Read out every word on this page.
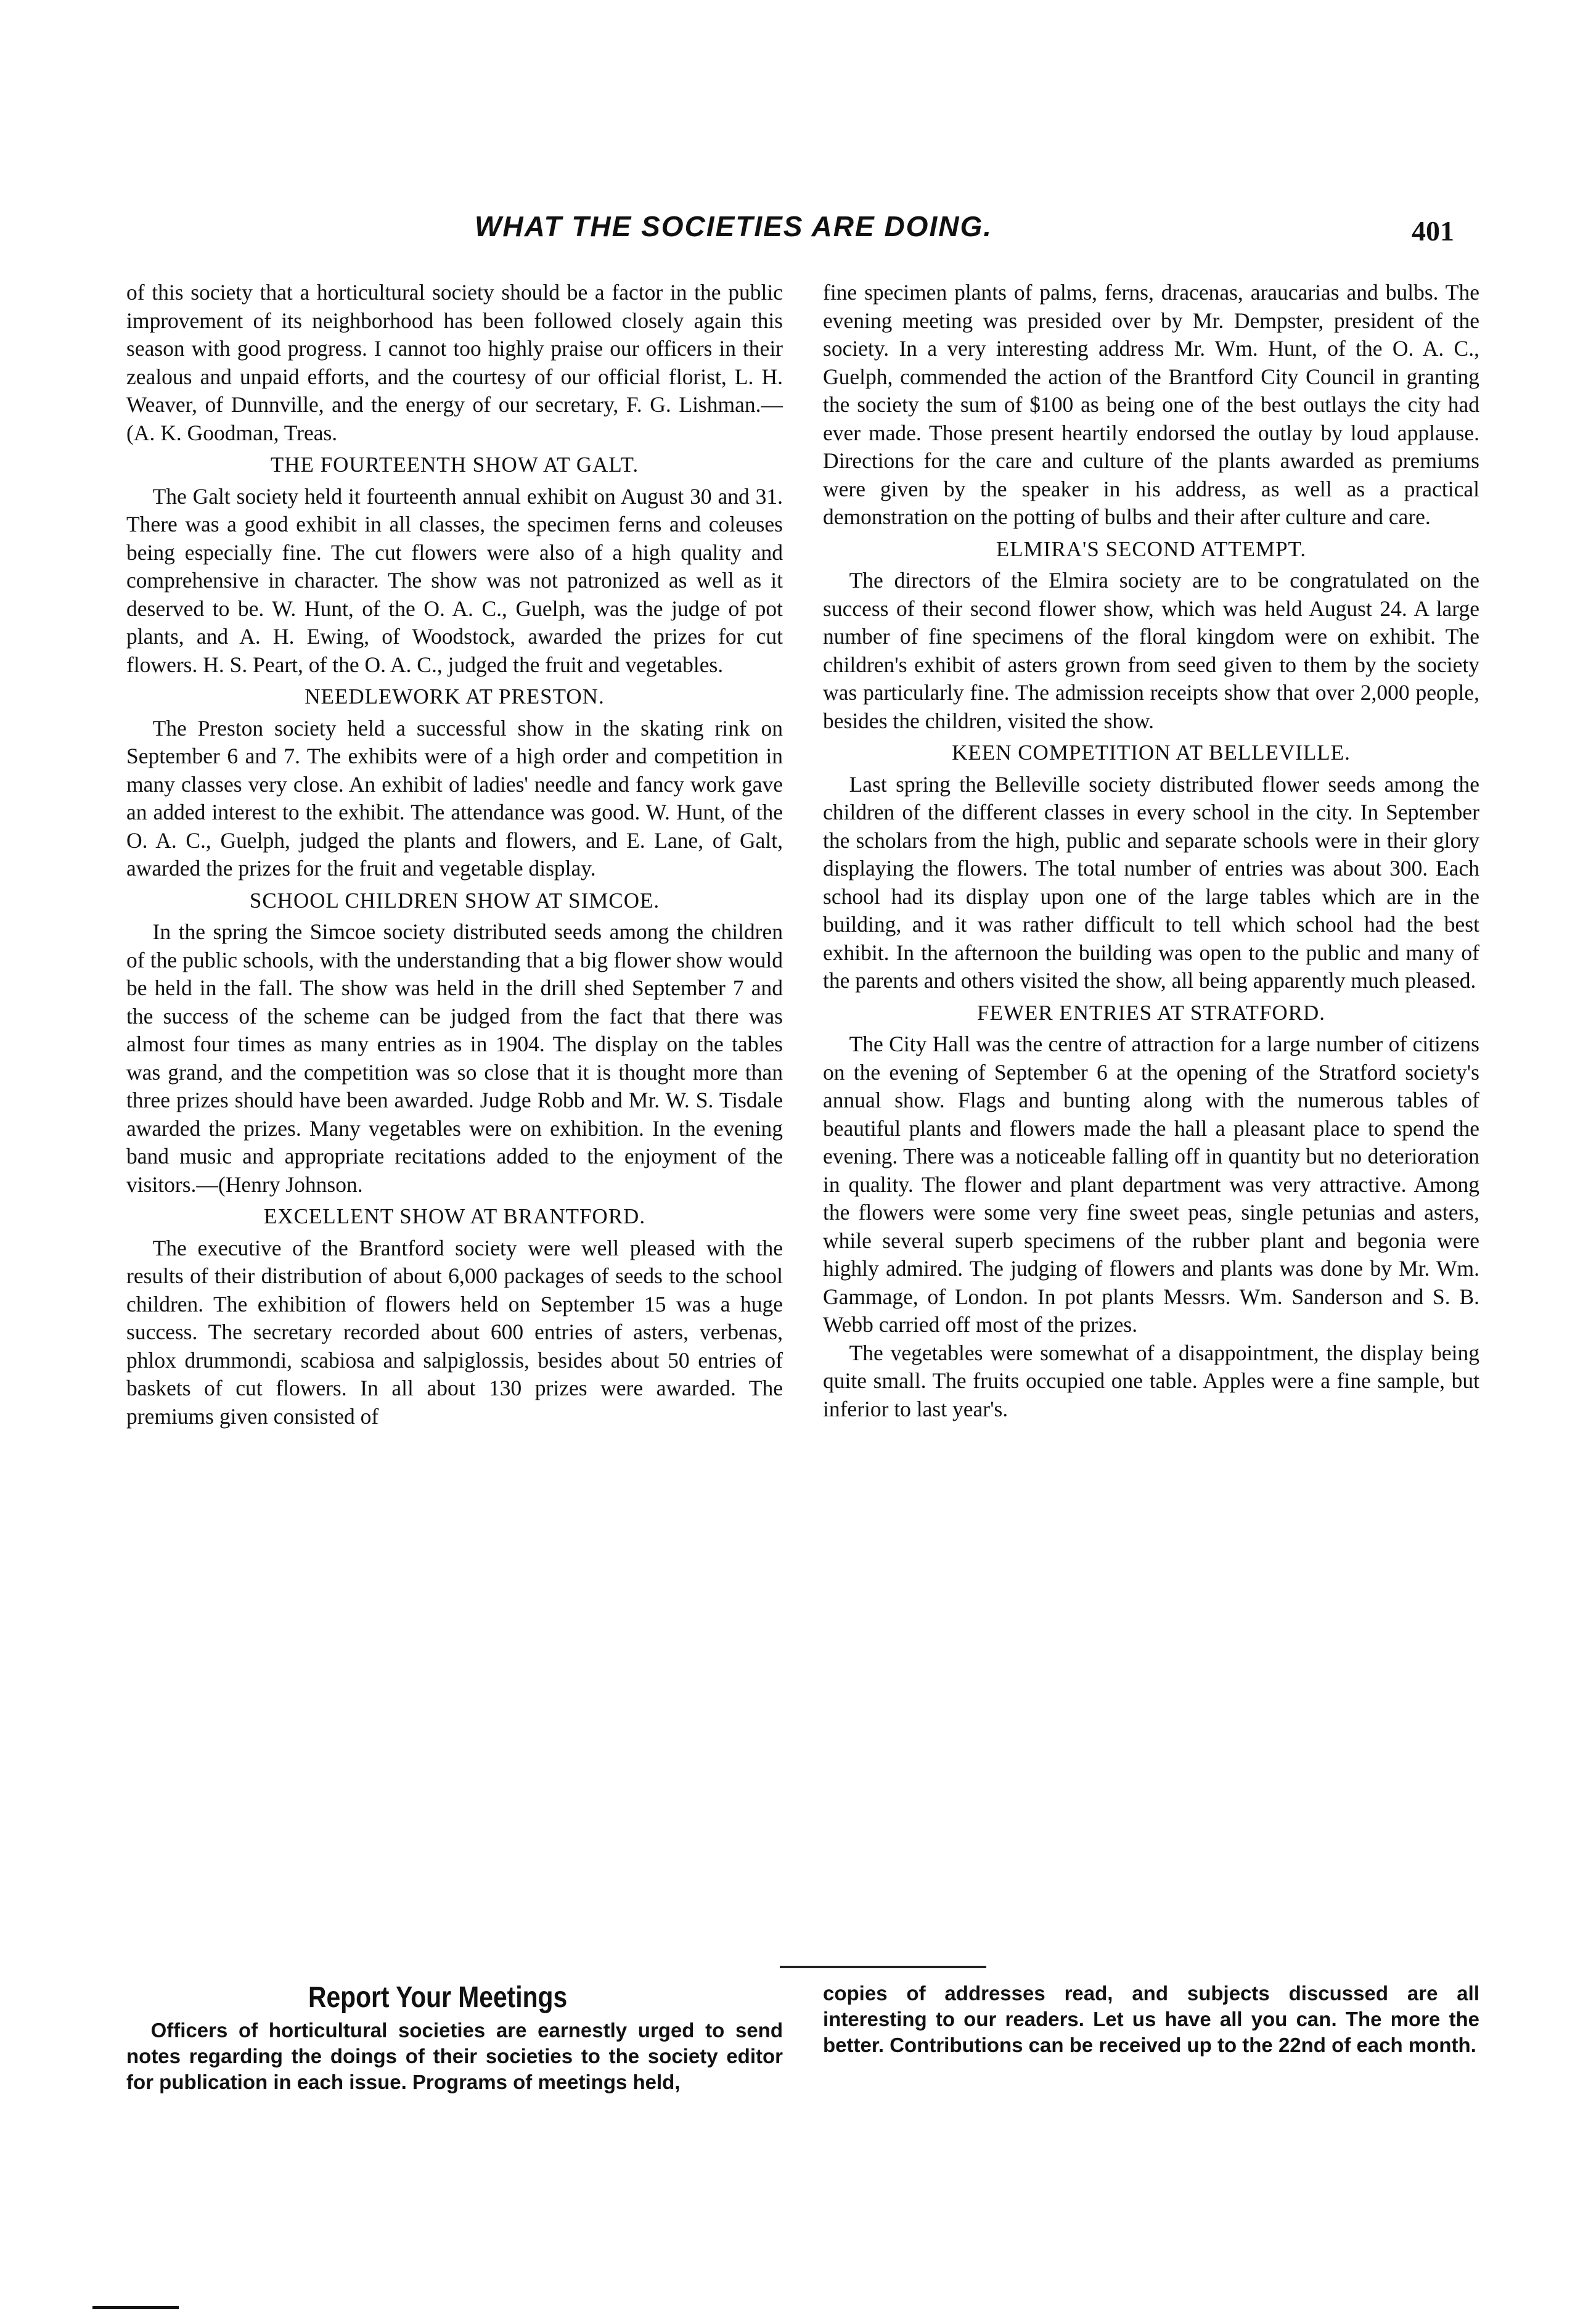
WHAT THE SOCIETIES ARE DOING.	401

of this society that a horticultural society should be a factor in the public improvement of its neighborhood has been followed closely again this season with good progress. I cannot too highly praise our officers in their zealous and unpaid efforts, and the courtesy of our official florist, L. H. Weaver, of Dunnville, and the energy of our secretary, F. G. Lishman.—(A. K. Goodman, Treas.

THE FOURTEENTH SHOW AT GALT.

The Galt society held it fourteenth annual exhibit on August 30 and 31. There was a good exhibit in all classes, the specimen ferns and coleuses being especially fine. The cut flowers were also of a high quality and comprehensive in character. The show was not patronized as well as it deserved to be. W. Hunt, of the O. A. C., Guelph, was the judge of pot plants, and A. H. Ewing, of Woodstock, awarded the prizes for cut flowers. H. S. Peart, of the O. A. C., judged the fruit and vegetables.

NEEDLEWORK AT PRESTON.

The Preston society held a successful show in the skating rink on September 6 and 7. The exhibits were of a high order and competition in many classes very close. An exhibit of ladies' needle and fancy work gave an added interest to the exhibit. The attendance was good. W. Hunt, of the O. A. C., Guelph, judged the plants and flowers, and E. Lane, of Galt, awarded the prizes for the fruit and vegetable display.

SCHOOL CHILDREN SHOW AT SIMCOE.

In the spring the Simcoe society distributed seeds among the children of the public schools, with the understanding that a big flower show would be held in the fall. The show was held in the drill shed September 7 and the success of the scheme can be judged from the fact that there was almost four times as many entries as in 1904. The display on the tables was grand, and the competition was so close that it is thought more than three prizes should have been awarded. Judge Robb and Mr. W. S. Tisdale awarded the prizes. Many vegetables were on exhibition. In the evening band music and appropriate recitations added to the enjoyment of the visitors.—(Henry Johnson.

EXCELLENT SHOW AT BRANTFORD.

The executive of the Brantford society were well pleased with the results of their distribution of about 6,000 packages of seeds to the school children. The exhibition of flowers held on September 15 was a huge success. The secretary recorded about 600 entries of asters, verbenas, phlox drummondi, scabiosa and salpiglossis, besides about 50 entries of baskets of cut flowers. In all about 130 prizes were awarded. The premiums given consisted of

fine specimen plants of palms, ferns, dracenas, araucarias and bulbs. The evening meeting was presided over by Mr. Dempster, president of the society. In a very interesting address Mr. Wm. Hunt, of the O. A. C., Guelph, commended the action of the Brantford City Council in granting the society the sum of $100 as being one of the best outlays the city had ever made. Those present heartily endorsed the outlay by loud applause. Directions for the care and culture of the plants awarded as premiums were given by the speaker in his address, as well as a practical demonstration on the potting of bulbs and their after culture and care.

ELMIRA'S SECOND ATTEMPT.

The directors of the Elmira society are to be congratulated on the success of their second flower show, which was held August 24. A large number of fine specimens of the floral kingdom were on exhibit. The children's exhibit of asters grown from seed given to them by the society was particularly fine. The admission receipts show that over 2,000 people, besides the children, visited the show.

KEEN COMPETITION AT BELLEVILLE.

Last spring the Belleville society distributed flower seeds among the children of the different classes in every school in the city. In September the scholars from the high, public and separate schools were in their glory displaying the flowers. The total number of entries was about 300. Each school had its display upon one of the large tables which are in the building, and it was rather difficult to tell which school had the best exhibit. In the afternoon the building was open to the public and many of the parents and others visited the show, all being apparently much pleased.

FEWER ENTRIES AT STRATFORD.

The City Hall was the centre of attraction for a large number of citizens on the evening of September 6 at the opening of the Stratford society's annual show. Flags and bunting along with the numerous tables of beautiful plants and flowers made the hall a pleasant place to spend the evening. There was a noticeable falling off in quantity but no deterioration in quality. The flower and plant department was very attractive. Among the flowers were some very fine sweet peas, single petunias and asters, while several superb specimens of the rubber plant and begonia were highly admired. The judging of flowers and plants was done by Mr. Wm. Gammage, of London. In pot plants Messrs. Wm. Sanderson and S. B. Webb carried off most of the prizes.

The vegetables were somewhat of a disappointment, the display being quite small. The fruits occupied one table. Apples were a fine sample, but inferior to last year's.

Report Your Meetings
Officers of horticultural societies are earnestly urged to send notes regarding the doings of their societies to the society editor for publication in each issue. Programs of meetings held,
copies of addresses read, and subjects discussed are all interesting to our readers. Let us have all you can. The more the better. Contributions can be received up to the 22nd of each month.
